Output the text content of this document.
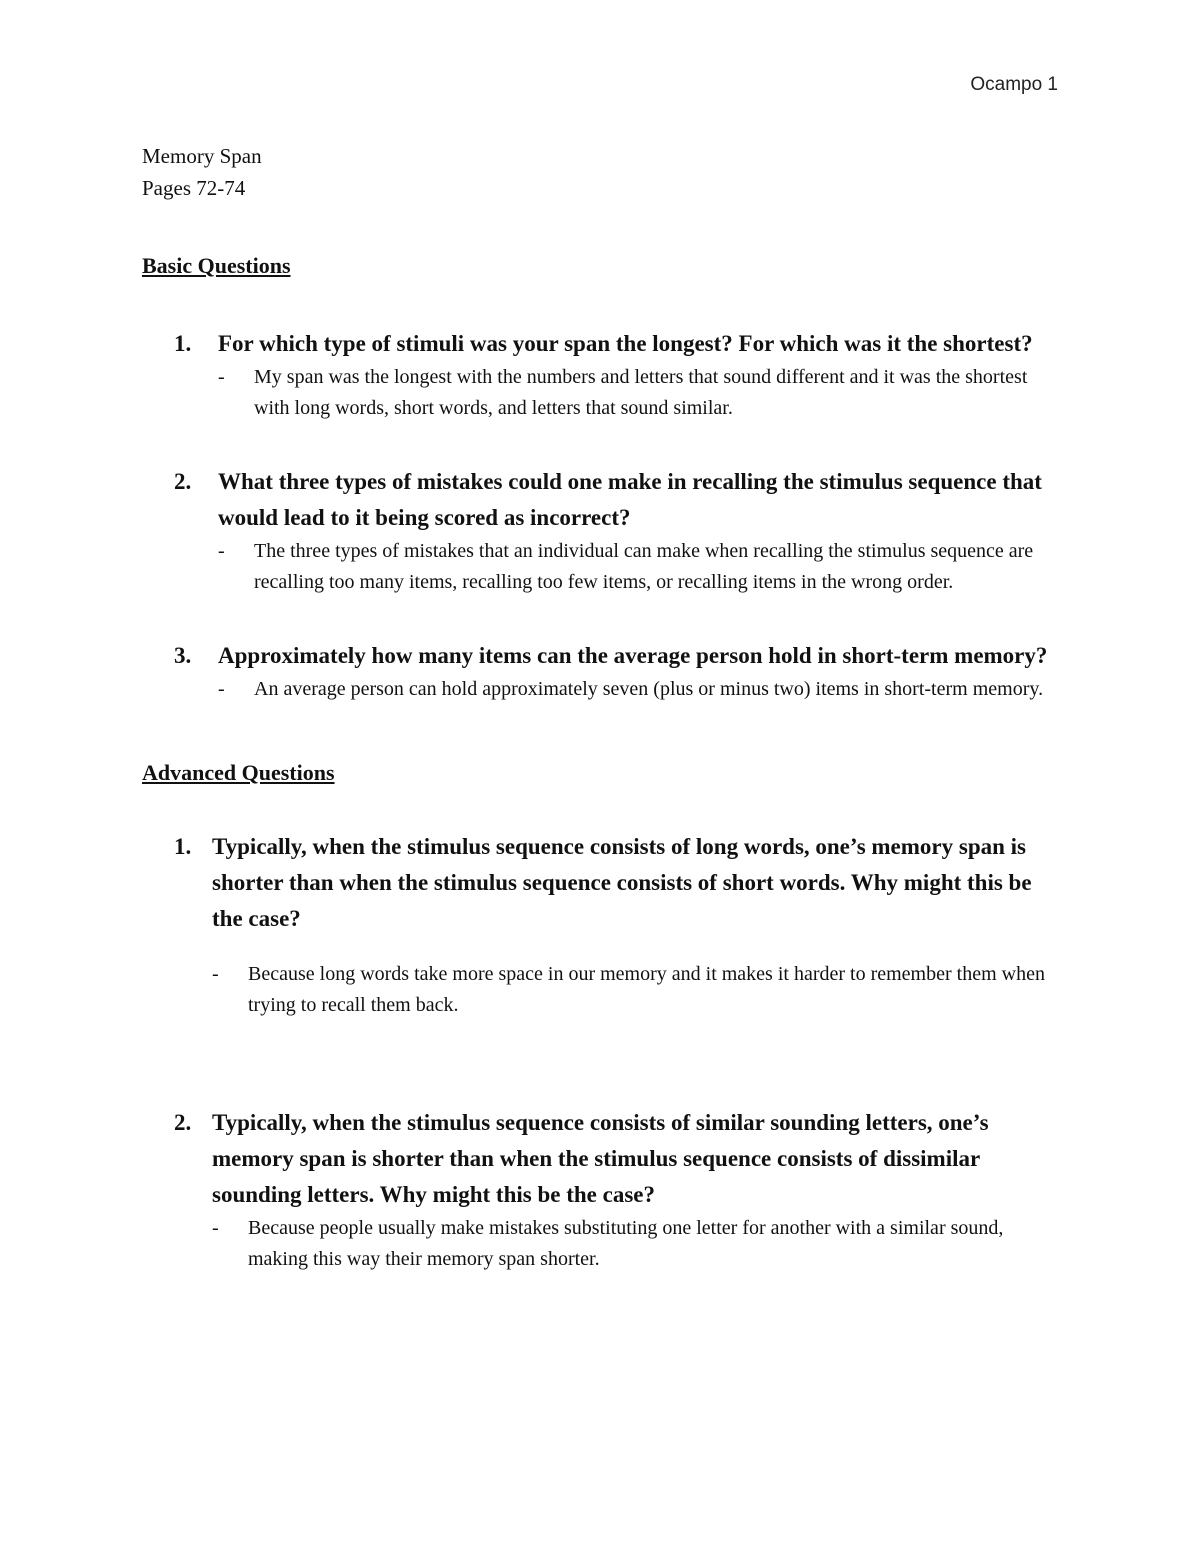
Ocampo 1

Memory Span

Pages 72-74

Basic Questions
1. For which type of stimuli was your span the longest? For which was it the shortest?

- My span was the longest with the numbers and letters that sound different and it was the shortest with long words, short words, and letters that sound similar.
2. What three types of mistakes could one make in recalling the stimulus sequence that would lead to it being scored as incorrect?

- The three types of mistakes that an individual can make when recalling the stimulus sequence are recalling too many items, recalling too few items, or recalling items in the wrong order.
3. Approximately how many items can the average person hold in short-term memory?

- An average person can hold approximately seven (plus or minus two) items in short-term memory.
Advanced Questions
1. Typically, when the stimulus sequence consists of long words, one’s memory span is shorter than when the stimulus sequence consists of short words. Why might this be the case?

- Because long words take more space in our memory and it makes it harder to remember them when trying to recall them back.
2. Typically, when the stimulus sequence consists of similar sounding letters, one’s memory span is shorter than when the stimulus sequence consists of dissimilar sounding letters. Why might this be the case?

- Because people usually make mistakes substituting one letter for another with a similar sound, making this way their memory span shorter.
